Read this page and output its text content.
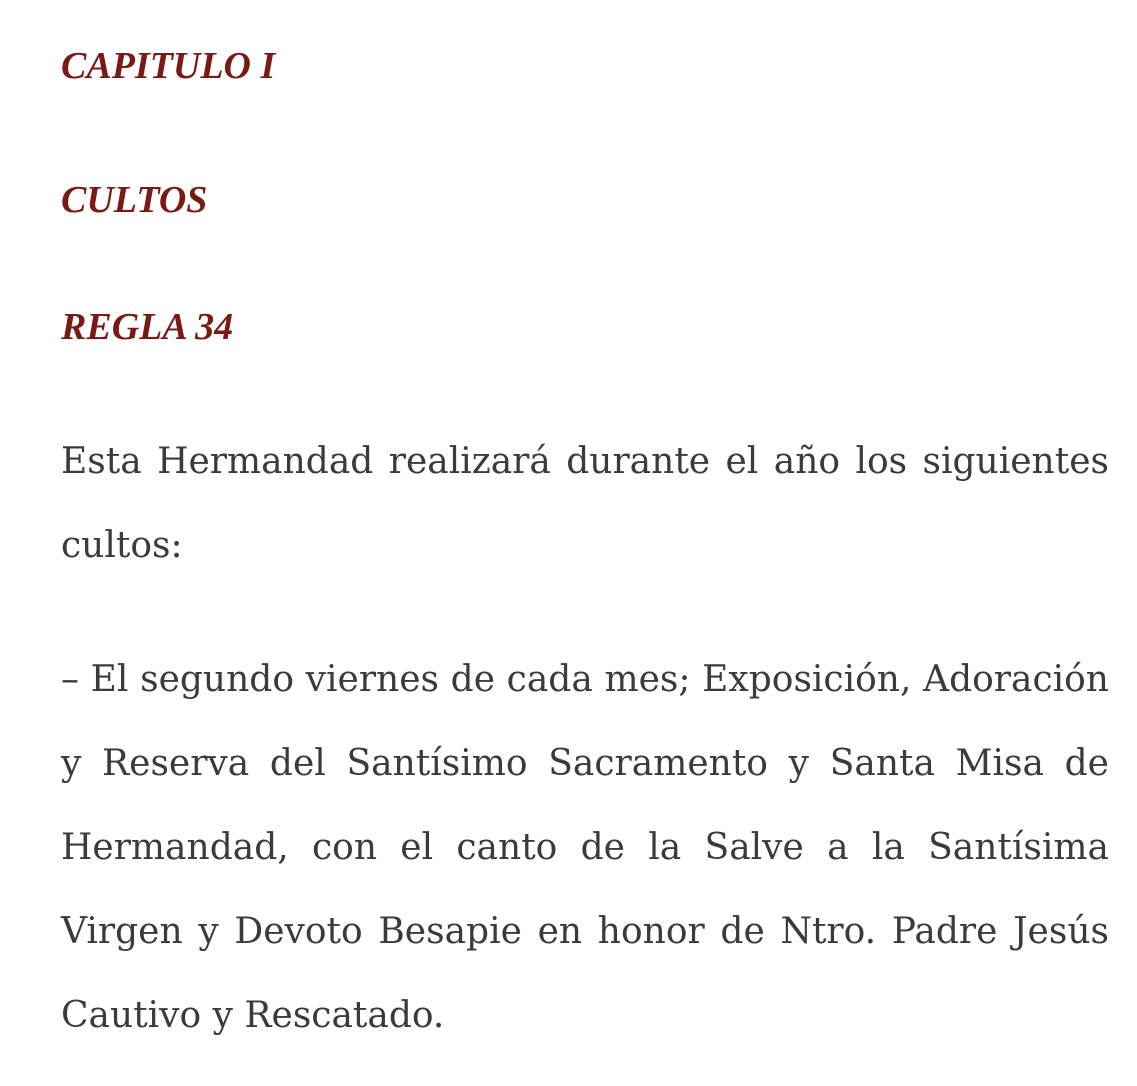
CAPITULO I
CULTOS
REGLA 34

Esta Hermandad realizará durante el año los siguientes cultos:

– El segundo viernes de cada mes; Exposición, Adoración y Reserva del Santísimo Sacramento y Santa Misa de Hermandad, con el canto de la Salve a la Santísima Virgen y Devoto Besapie en honor de Ntro. Padre Jesús Cautivo y Rescatado.
